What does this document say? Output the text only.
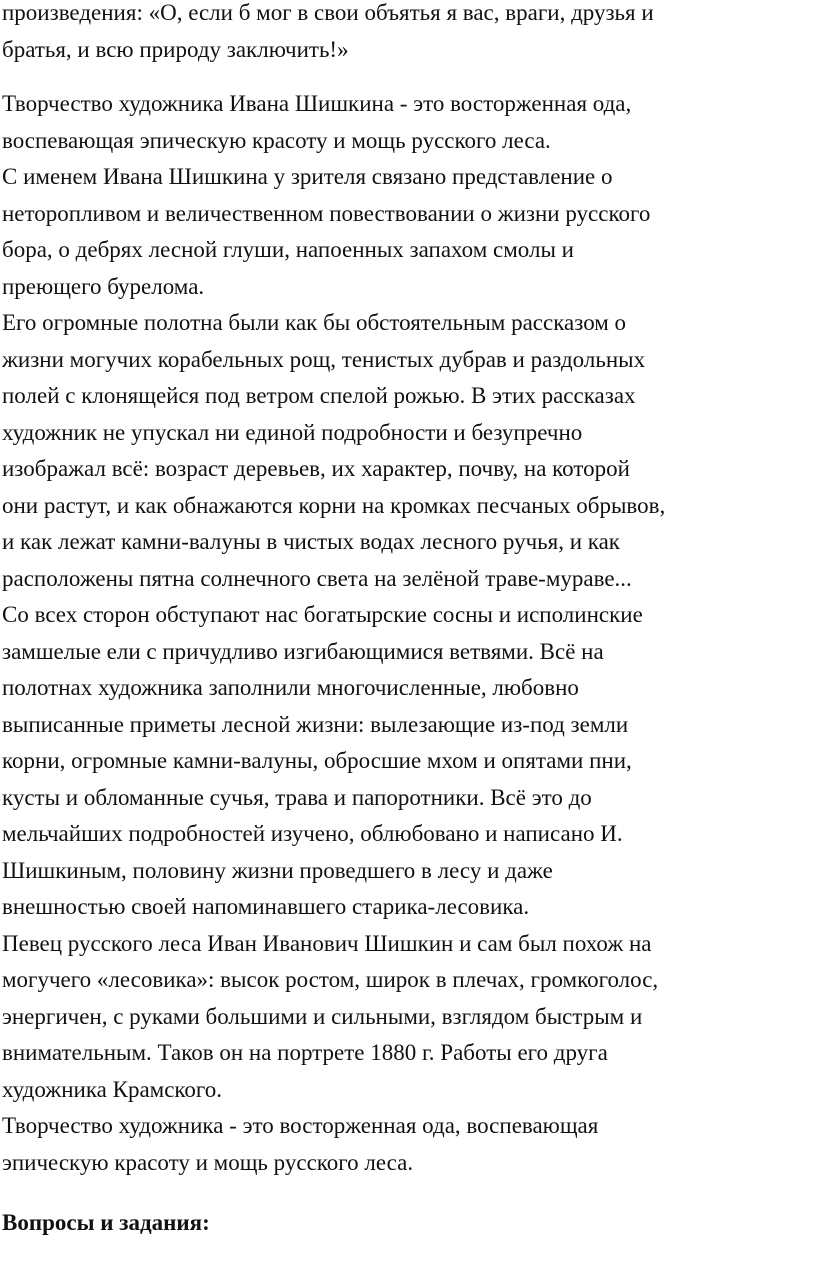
произведения: «О, если б мог в свои объятья я вас, враги, друзья и
братья, и всю природу заключить!»
Творчество художника Ивана Шишкина - это восторженная ода,
воспевающая эпическую красоту и мощь русского леса.
С именем Ивана Шишкина у зрителя связано представление о
неторопливом и величественном повествовании о жизни русского
бора, о дебрях лесной глуши, напоенных запахом смолы и
преющего бурелома.
Его огромные полотна были как бы обстоятельным рассказом о
жизни могучих корабельных рощ, тенистых дубрав и раздольных
полей с клонящейся под ветром спелой рожью. В этих рассказах
художник не упускал ни единой подробности и безупречно
изображал всё: возраст деревьев, их характер, почву, на которой
они растут, и как обнажаются корни на кромках песчаных обрывов,
и как лежат камни-валуны в чистых водах лесного ручья, и как
расположены пятна солнечного света на зелёной траве-мураве...
Со всех сторон обступают нас богатырские сосны и исполинские
замшелые ели с причудливо изгибающимися ветвями. Всё на
полотнах художника заполнили многочисленные, любовно
выписанные приметы лесной жизни: вылезающие из-под земли
корни, огромные камни-валуны, обросшие мхом и опятами пни,
кусты и обломанные сучья, трава и папоротники. Всё это до
мельчайших подробностей изучено, облюбовано и написано И.
Шишкиным, половину жизни проведшего в лесу и даже
внешностью своей напоминавшего старика-лесовика.
Певец русского леса Иван Иванович Шишкин и сам был похож на
могучего «лесовика»: высок ростом, широк в плечах, громкоголос,
энергичен, с руками большими и сильными, взглядом быстрым и
внимательным. Таков он на портрете 1880 г. Работы его друга
художника Крамского.
Творчество художника - это восторженная ода, воспевающая
эпическую красоту и мощь русского леса.
Вопросы и задания:
